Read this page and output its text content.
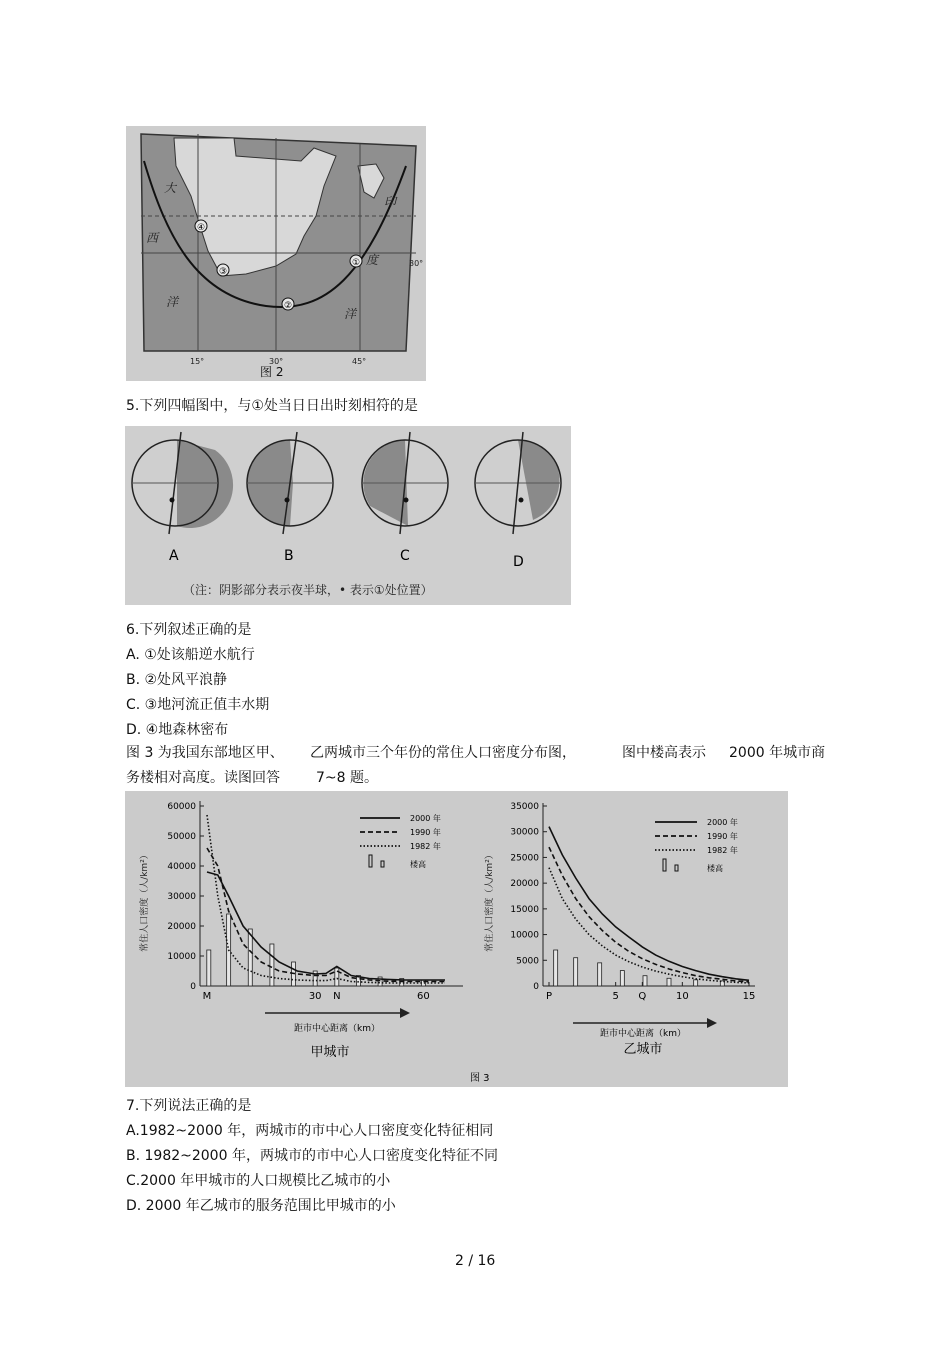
④
②
③
①
大
西
洋
印
度
洋
30°
15°	30°	45°
图 2
5.下列四幅图中，与①处当日日出时刻相符的是
A	B	C	D
（注：阴影部分表示夜半球，• 表示①处位置）
6.下列叙述正确的是
A. ①处该船逆水航行
B. ②处风平浪静
C. ③地河流正值丰水期
D. ④地森林密布
图 3 为我国东部地区甲、 乙两城市三个年份的常住人口密度分布图，	图中楼高表示 2000 年城市商
务楼相对高度。读图回答	7~8 题。
0
10000
20000
30000
40000
50000
60000
M	30 N	60
常住人口密度（人/km²）
距市中心距离（km）
甲城市
2000 年
1990 年
1982 年
楼高
0
5000
10000
15000
20000
25000
30000
35000
P	5 Q	10	15
常住人口密度（人/km²）
距市中心距离（km）
乙城市
2000 年
1990 年
1982 年
楼高
图 3
7.下列说法正确的是
A.1982~2000 年，两城市的市中心人口密度变化特征相同
B. 1982~2000 年，两城市的市中心人口密度变化特征不同
C.2000 年甲城市的人口规模比乙城市的小
D. 2000 年乙城市的服务范围比甲城市的小
2 / 16
